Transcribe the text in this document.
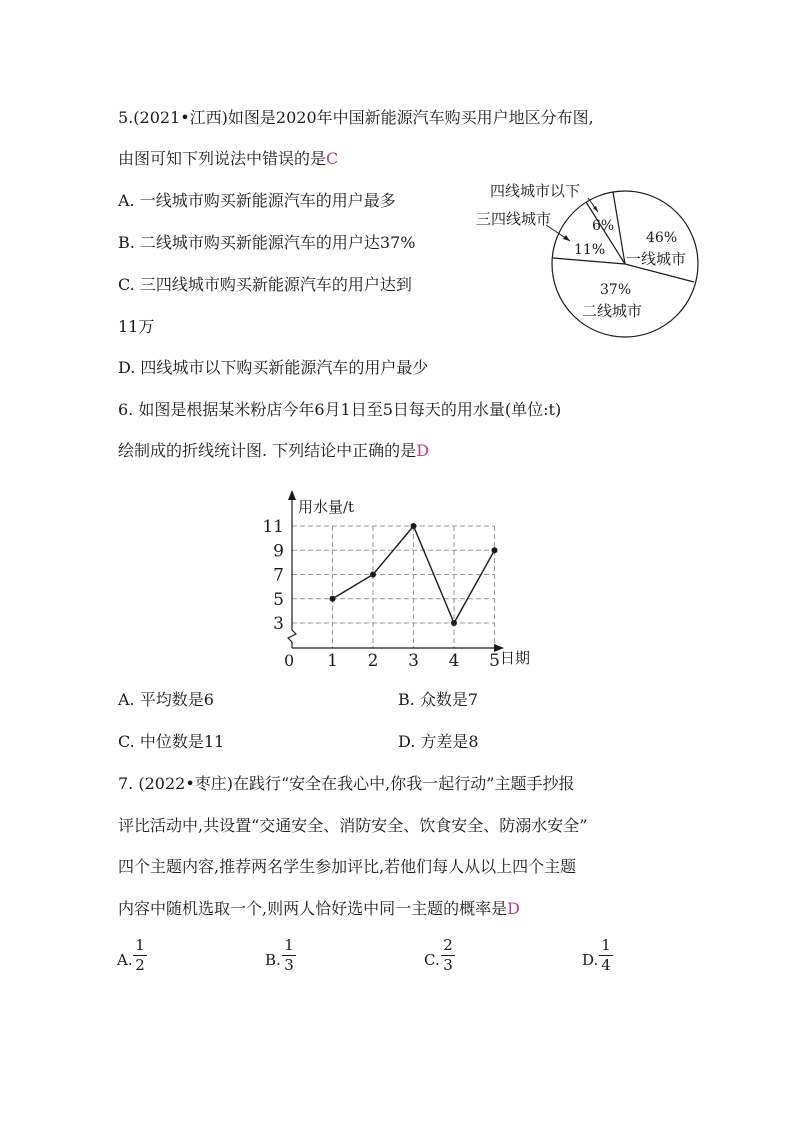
5.(2021•江西)如图是2020年中国新能源汽车购买用户地区分布图,
由图可知下列说法中错误的是C
A. 一线城市购买新能源汽车的用户最多
B. 二线城市购买新能源汽车的用户达37%
C. 三四线城市购买新能源汽车的用户达到
11万
D. 四线城市以下购买新能源汽车的用户最少
四线城市以下
三四线城市	6%
11%
46%
一线城市
37%
二线城市
6. 如图是根据某米粉店今年6月1日至5日每天的用水量(单位:t)
绘制成的折线统计图. 下列结论中正确的是D
用水量/t
日期
0
11
9
7
5
3
1 2 3 4 5
A. 平均数是6	B. 众数是7
C. 中位数是11	D. 方差是8
7. (2022•枣庄)在践行“安全在我心中,你我一起行动”主题手抄报
评比活动中,共设置“交通安全、消防安全、饮食安全、防溺水安全”
四个主题内容,推荐两名学生参加评比,若他们每人从以上四个主题
内容中随机选取一个,则两人恰好选中同一主题的概率是D
A.
1
2	B.
1
3	C.
2
3	D.
1
4
